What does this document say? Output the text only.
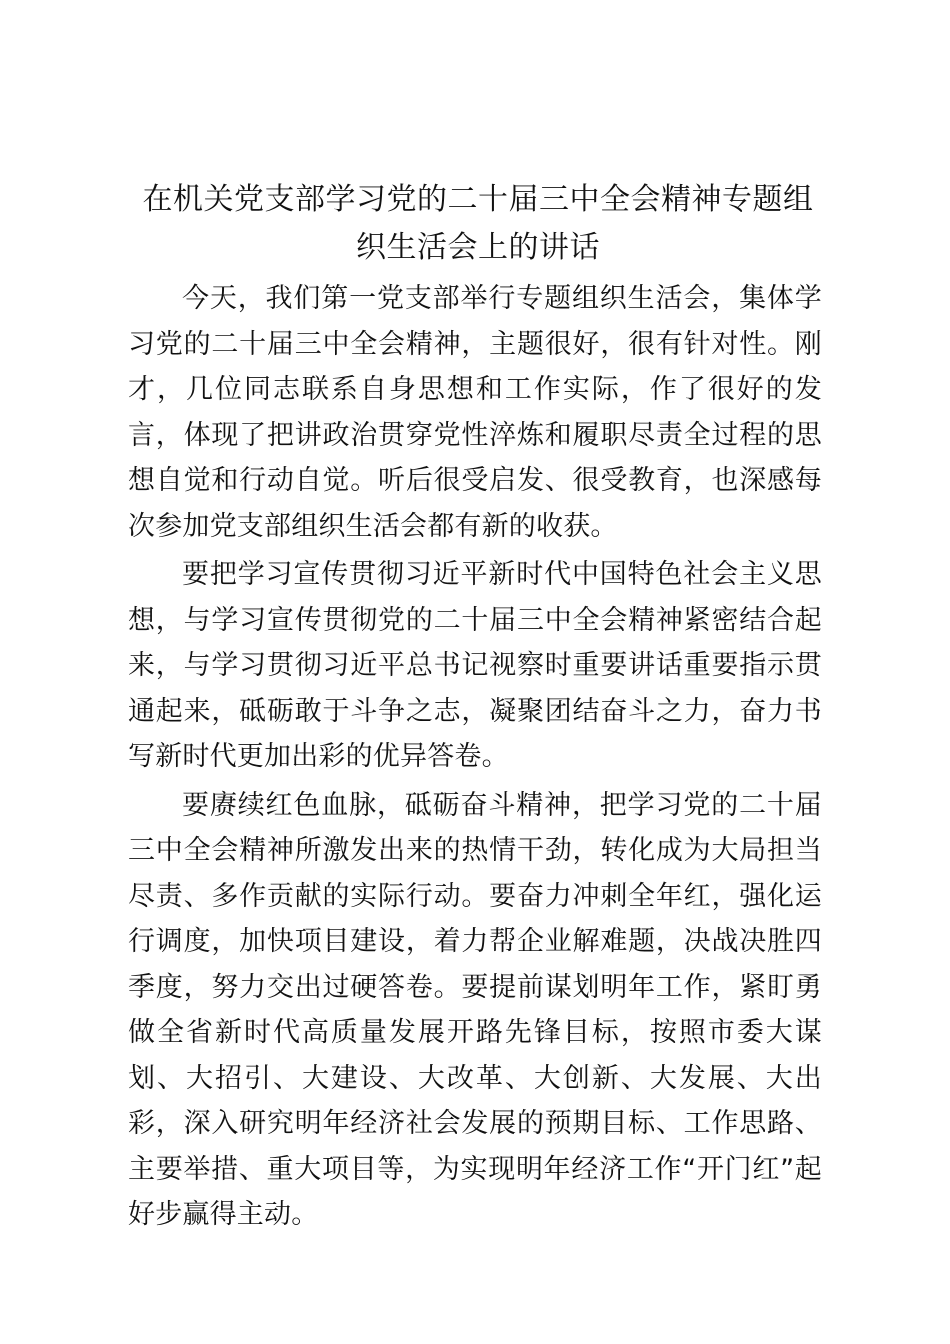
在机关党支部学习党的二十届三中全会精神专题组织生活会上的讲话

今天，我们第一党支部举行专题组织生活会，集体学习党的二十届三中全会精神，主题很好，很有针对性。刚才，几位同志联系自身思想和工作实际，作了很好的发言，体现了把讲政治贯穿党性淬炼和履职尽责全过程的思想自觉和行动自觉。听后很受启发、很受教育，也深感每次参加党支部组织生活会都有新的收获。

要把学习宣传贯彻习近平新时代中国特色社会主义思想，与学习宣传贯彻党的二十届三中全会精神紧密结合起来，与学习贯彻习近平总书记视察时重要讲话重要指示贯通起来，砥砺敢于斗争之志，凝聚团结奋斗之力，奋力书写新时代更加出彩的优异答卷。

要赓续红色血脉，砥砺奋斗精神，把学习党的二十届三中全会精神所激发出来的热情干劲，转化成为大局担当尽责、多作贡献的实际行动。要奋力冲刺全年红，强化运行调度，加快项目建设，着力帮企业解难题，决战决胜四季度，努力交出过硬答卷。要提前谋划明年工作，紧盯勇做全省新时代高质量发展开路先锋目标，按照市委大谋划、大招引、大建设、大改革、大创新、大发展、大出彩，深入研究明年经济社会发展的预期目标、工作思路、主要举措、重大项目等，为实现明年经济工作“开门红”起好步赢得主动。
